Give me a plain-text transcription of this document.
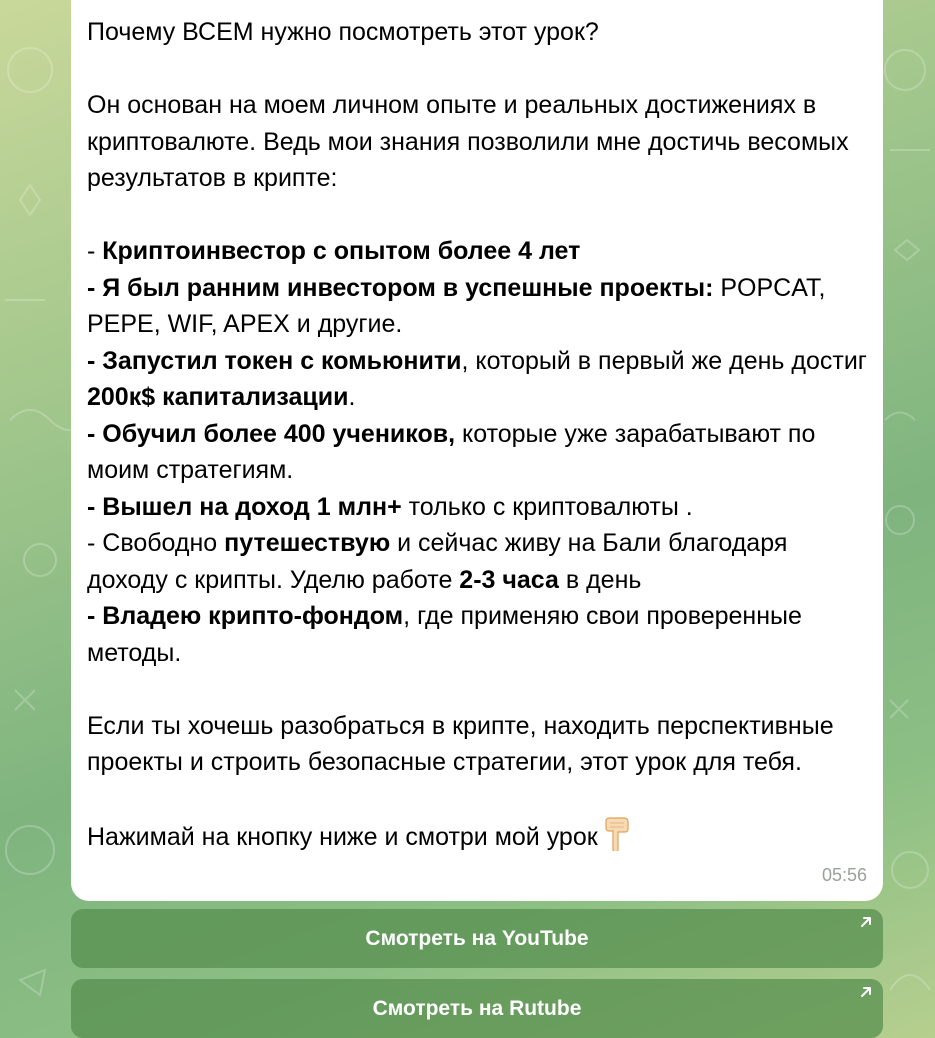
Почему ВСЕМ нужно посмотреть этот урок?

Он основан на моем личном опыте и реальных достижениях в криптовалюте. Ведь мои знания позволили мне достичь весомых результатов в крипте:

- Криптоинвестор с опытом более 4 лет

- Я был ранним инвестором в успешные проекты: POPCAT, PEPE, WIF, APEX и другие.

- Запустил токен с комьюнити, который в первый же день достиг 200к$ капитализации.

- Обучил более 400 учеников, которые уже зарабатывают по моим стратегиям.

- Вышел на доход 1 млн+ только с криптовалюты .

- Свободно путешествую и сейчас живу на Бали благодаря доходу с крипты. Уделю работе 2-3 часа в день

- Владею крипто-фондом, где применяю свои проверенные методы.

Если ты хочешь разобраться в крипте, находить перспективные проекты и строить безопасные стратегии, этот урок для тебя.

Нажимай на кнопку ниже и смотри мой урок

05:56
Смотреть на YouTube
Смотреть на Rutube
